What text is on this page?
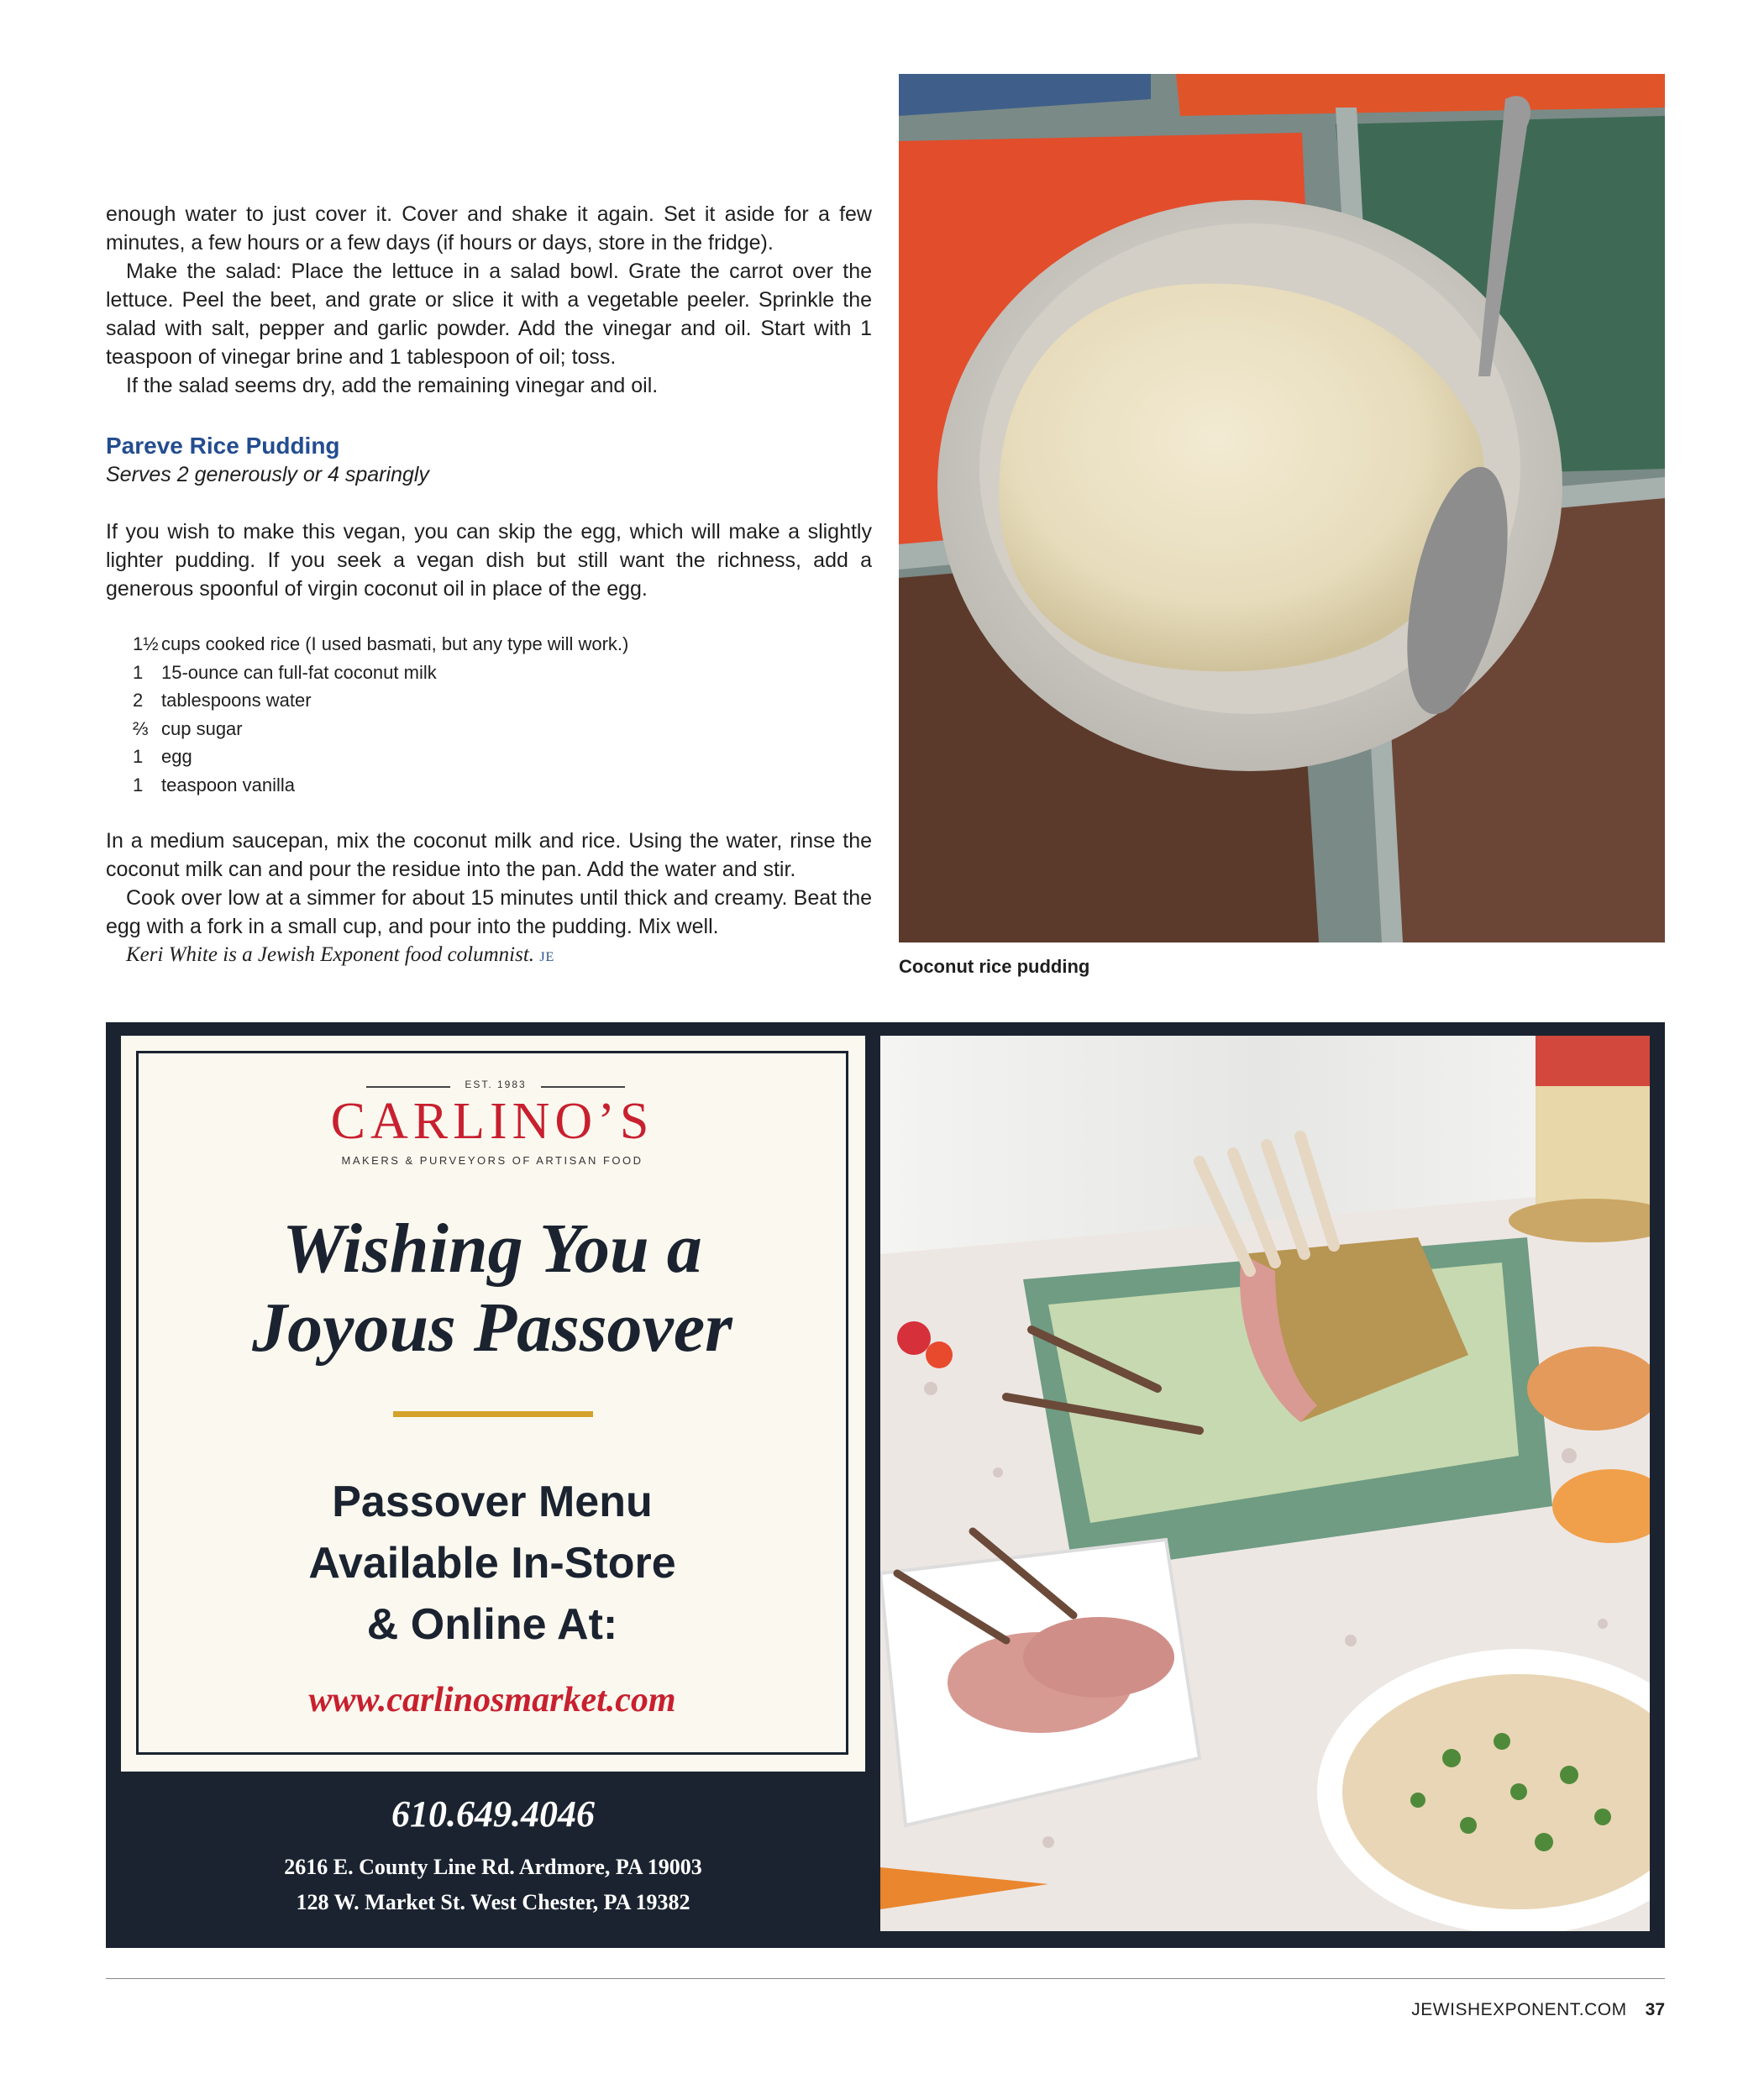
enough water to just cover it. Cover and shake it again. Set it aside for a few minutes, a few hours or a few days (if hours or days, store in the fridge).

Make the salad: Place the lettuce in a salad bowl. Grate the carrot over the lettuce. Peel the beet, and grate or slice it with a vegetable peeler. Sprinkle the salad with salt, pepper and garlic powder. Add the vinegar and oil. Start with 1 teaspoon of vinegar brine and 1 tablespoon of oil; toss.

If the salad seems dry, add the remaining vinegar and oil.

Pareve Rice Pudding
Serves 2 generously or 4 sparingly

If you wish to make this vegan, you can skip the egg, which will make a slightly lighter pudding. If you seek a vegan dish but still want the richness, add a generous spoonful of virgin coconut oil in place of the egg.

1½ cups cooked rice (I used basmati, but any type will work.)
1 15-ounce can full-fat coconut milk
2 tablespoons water
⅔ cup sugar
1 egg
1 teaspoon vanilla

In a medium saucepan, mix the coconut milk and rice. Using the water, rinse the coconut milk can and pour the residue into the pan. Add the water and stir.

Cook over low at a simmer for about 15 minutes until thick and creamy. Beat the egg with a fork in a small cup, and pour into the pudding. Mix well.

Keri White is a Jewish Exponent food columnist. JE	Coconut rice pudding
EST. 1983
CARLINO’S
MAKERS & PURVEYORS OF ARTISAN FOOD
Wishing You a
Joyous Passover
Passover Menu
Available In-Store
& Online At:
www.carlinosmarket.com
610.649.4046
2616 E. County Line Rd. Ardmore, PA 19003
128 W. Market St. West Chester, PA 19382
JEWISHEXPONENT.COM 37
